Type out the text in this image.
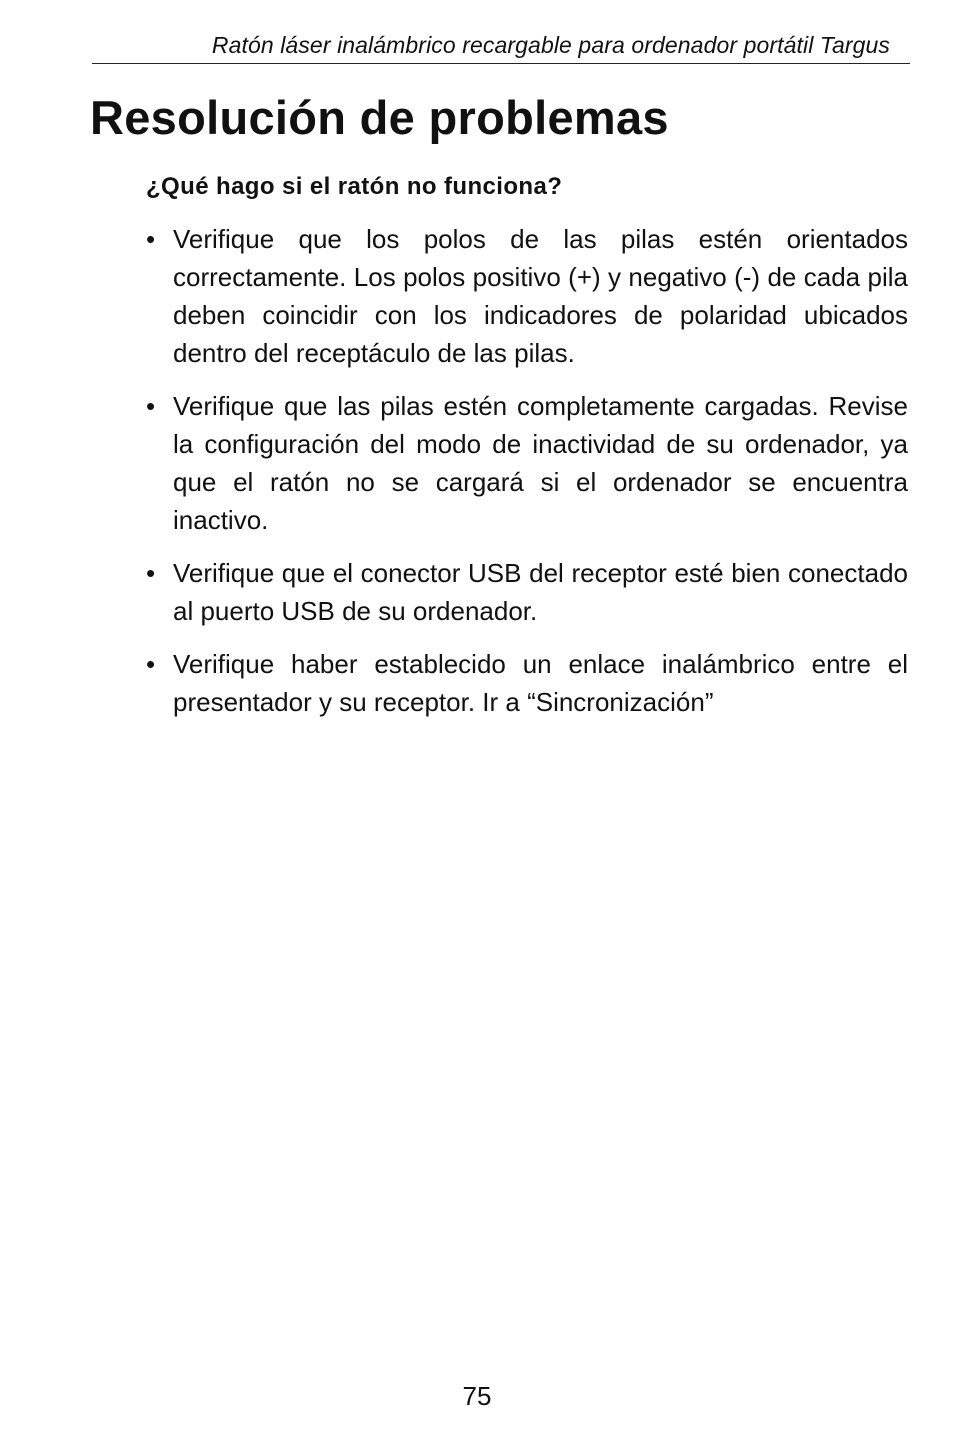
Ratón láser inalámbrico recargable para ordenador portátil Targus
Resolución de problemas
¿Qué hago si el ratón no funciona?
• Verifique que los polos de las pilas estén orientados correctamente. Los polos positivo (+) y negativo (-) de cada pila deben coincidir con los indicadores de polaridad ubicados dentro del receptáculo de las pilas.
• Verifique que las pilas estén completamente cargadas. Revise la configuración del modo de inactividad de su ordenador, ya que el ratón no se cargará si el ordenador se encuentra inactivo.
• Verifique que el conector USB del receptor esté bien conectado al puerto USB de su ordenador.
• Verifique haber establecido un enlace inalámbrico entre el presentador y su receptor. Ir a “Sincronización”
75
